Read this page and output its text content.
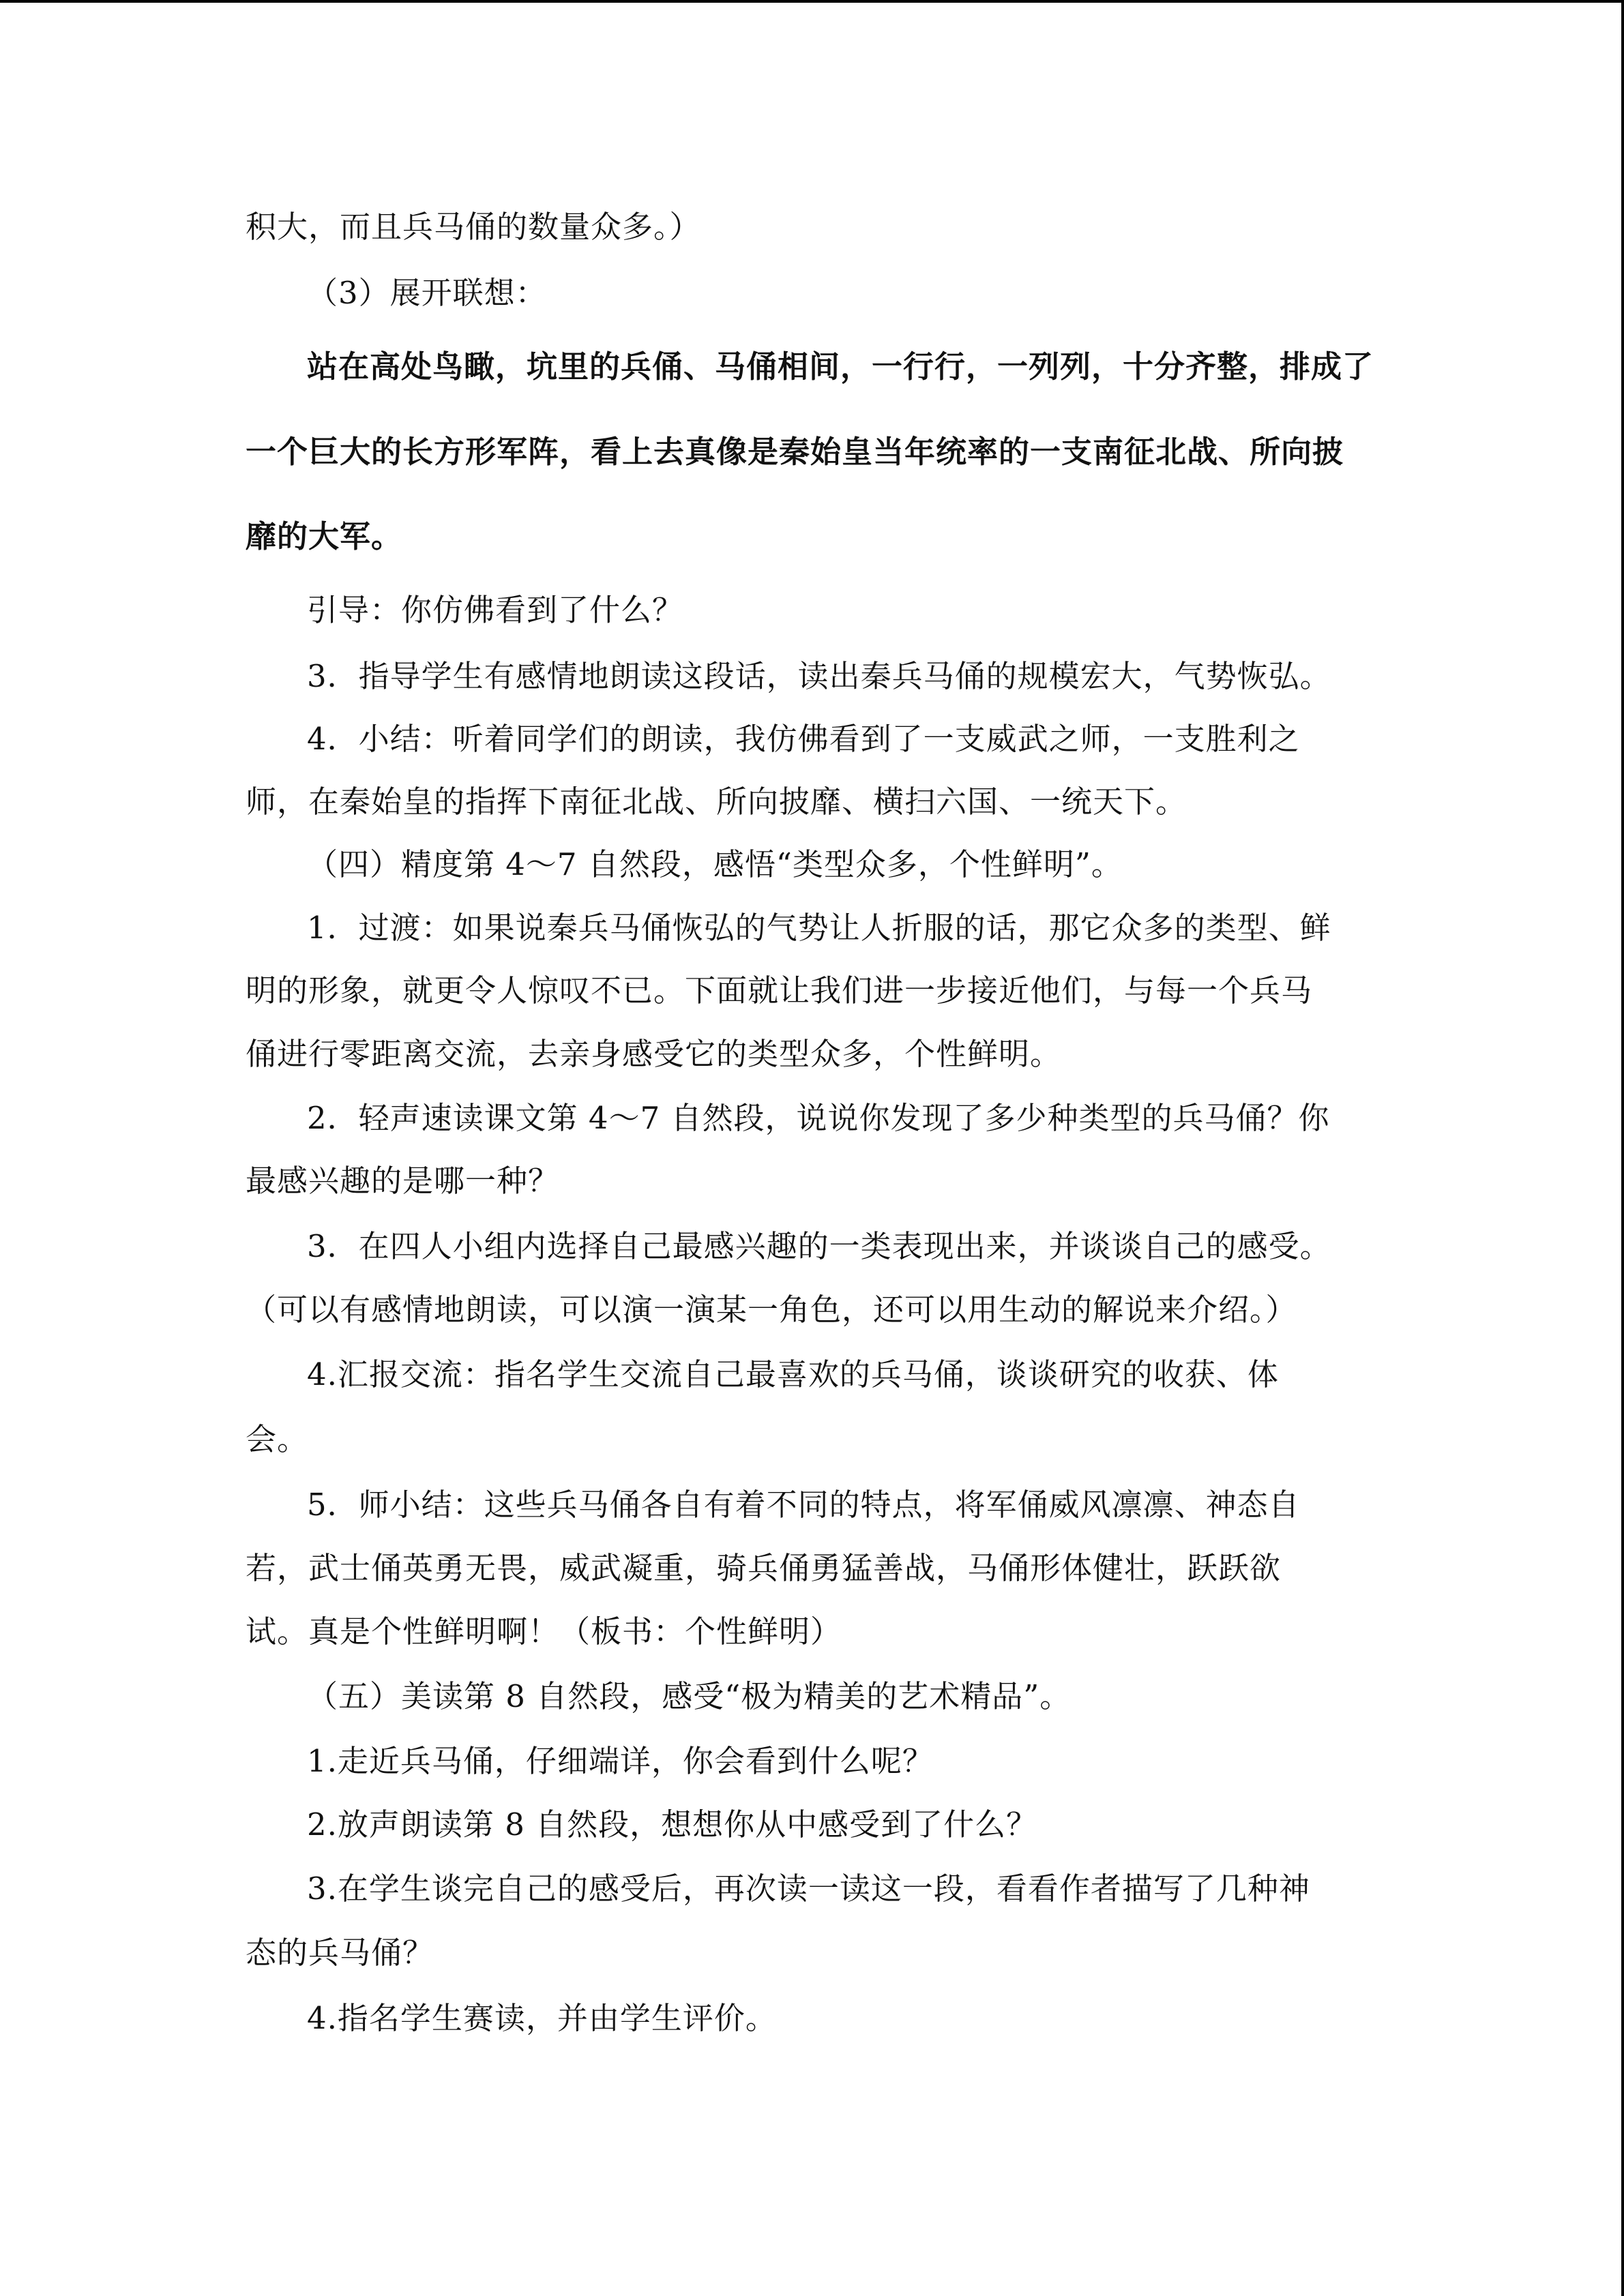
积大，而且兵马俑的数量众多。）
（3）展开联想：
站在高处鸟瞰，坑里的兵俑、马俑相间，一行行，一列列，十分齐整，排成了
一个巨大的长方形军阵，看上去真像是秦始皇当年统率的一支南征北战、所向披
靡的大军。
引导：你仿佛看到了什么？
3．指导学生有感情地朗读这段话，读出秦兵马俑的规模宏大，气势恢弘。
4．小结：听着同学们的朗读，我仿佛看到了一支威武之师，一支胜利之
师，在秦始皇的指挥下南征北战、所向披靡、横扫六国、一统天下。
（四）精度第 4～7 自然段，感悟“类型众多，个性鲜明”。
1．过渡：如果说秦兵马俑恢弘的气势让人折服的话，那它众多的类型、鲜
明的形象，就更令人惊叹不已。下面就让我们进一步接近他们，与每一个兵马
俑进行零距离交流，去亲身感受它的类型众多，个性鲜明。
2．轻声速读课文第 4～7 自然段，说说你发现了多少种类型的兵马俑？你
最感兴趣的是哪一种？
3．在四人小组内选择自己最感兴趣的一类表现出来，并谈谈自己的感受。
（可以有感情地朗读，可以演一演某一角色，还可以用生动的解说来介绍。）
4.汇报交流：指名学生交流自己最喜欢的兵马俑，谈谈研究的收获、体
会。
5．师小结：这些兵马俑各自有着不同的特点，将军俑威风凛凛、神态自
若，武士俑英勇无畏，威武凝重，骑兵俑勇猛善战，马俑形体健壮，跃跃欲
试。真是个性鲜明啊！（板书：个性鲜明）
（五）美读第 8 自然段，感受“极为精美的艺术精品”。
1.走近兵马俑，仔细端详，你会看到什么呢？
2.放声朗读第 8 自然段，想想你从中感受到了什么？
3.在学生谈完自己的感受后，再次读一读这一段，看看作者描写了几种神
态的兵马俑？
4.指名学生赛读，并由学生评价。
